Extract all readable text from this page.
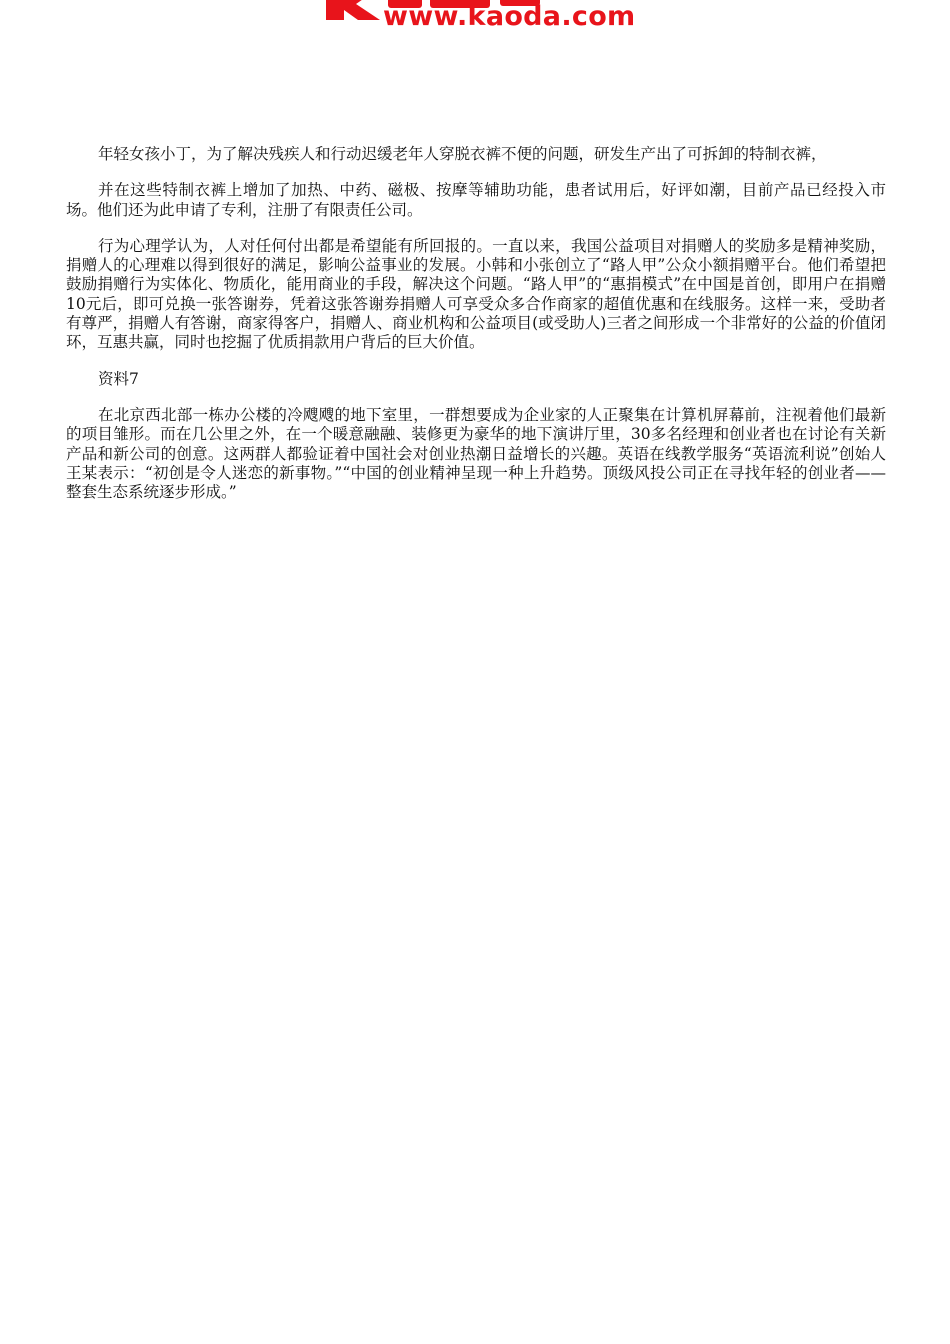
www.kaoda.com

年轻女孩小丁，为了解决残疾人和行动迟缓老年人穿脱衣裤不便的问题，研发生产出了可拆卸的特制衣裤，

并在这些特制衣裤上增加了加热、中药、磁极、按摩等辅助功能，患者试用后，好评如潮，目前产品已经投入市场。他们还为此申请了专利，注册了有限责任公司。

行为心理学认为，人对任何付出都是希望能有所回报的。一直以来，我国公益项目对捐赠人的奖励多是精神奖励，捐赠人的心理难以得到很好的满足，影响公益事业的发展。小韩和小张创立了“路人甲”公众小额捐赠平台。他们希望把鼓励捐赠行为实体化、物质化，能用商业的手段，解决这个问题。“路人甲”的“惠捐模式”在中国是首创，即用户在捐赠10元后，即可兑换一张答谢券，凭着这张答谢券捐赠人可享受众多合作商家的超值优惠和在线服务。这样一来，受助者有尊严，捐赠人有答谢，商家得客户，捐赠人、商业机构和公益项目(或受助人)三者之间形成一个非常好的公益的价值闭环，互惠共赢，同时也挖掘了优质捐款用户背后的巨大价值。

资料7

在北京西北部一栋办公楼的冷飕飕的地下室里，一群想要成为企业家的人正聚集在计算机屏幕前，注视着他们最新的项目雏形。而在几公里之外，在一个暖意融融、装修更为豪华的地下演讲厅里，30多名经理和创业者也在讨论有关新产品和新公司的创意。这两群人都验证着中国社会对创业热潮日益增长的兴趣。英语在线教学服务“英语流利说”创始人王某表示：“初创是令人迷恋的新事物。”“中国的创业精神呈现一种上升趋势。顶级风投公司正在寻找年轻的创业者——整套生态系统逐步形成。”
